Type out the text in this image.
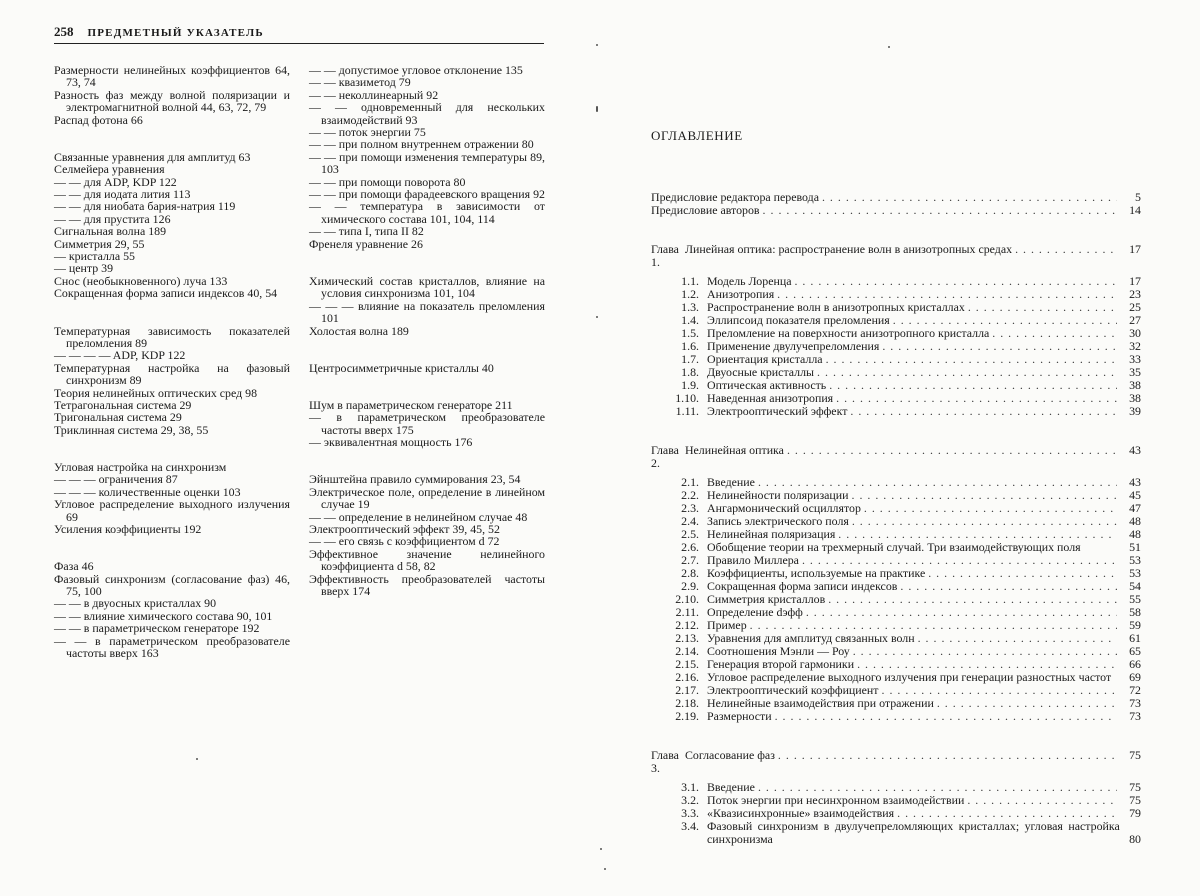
258 ПРЕДМЕТНЫЙ УКАЗАТЕЛЬ
Размерности нелинейных коэффициентов 64, 73, 74
Разность фаз между волной поляризации и электромагнитной волной 44, 63, 72, 79
Распад фотона 66
Связанные уравнения для амплитуд 63
Селмейера уравнения
— — для ADP, KDP 122
— — для иодата лития 113
— — для ниобата бария-натрия 119
— — для прустита 126
Сигнальная волна 189
Симметрия 29, 55
— кристалла 55
— центр 39
Снос (необыкновенного) луча 133
Сокращенная форма записи индексов 40, 54
Температурная зависимость показателей преломления 89
— — — — ADP, KDP 122
Температурная настройка на фазовый синхронизм 89
Теория нелинейных оптических сред 98
Тетрагональная система 29
Тригональная система 29
Триклинная система 29, 38, 55
Угловая настройка на синхронизм
— — — ограничения 87
— — — количественные оценки 103
Угловое распределение выходного излучения 69
Усиления коэффициенты 192
Фаза 46
Фазовый синхронизм (согласование фаз) 46, 75, 100
— — в двуосных кристаллах 90
— — влияние химического состава 90, 101
— — в параметрическом генераторе 192
— — в параметрическом преобразователе частоты вверх 163
— — допустимое угловое отклонение 135
— — квазиметод 79
— — неколлинеарный 92
— — одновременный для нескольких взаимодействий 93
— — поток энергии 75
— — при полном внутреннем отражении 80
— — при помощи изменения температуры 89, 103
— — при помощи поворота 80
— — при помощи фарадеевского вращения 92
— — температура в зависимости от химического состава 101, 104, 114
— — типа I, типа II 82
Френеля уравнение 26
Химический состав кристаллов, влияние на условия синхронизма 101, 104
— — — влияние на показатель преломления 101
Холостая волна 189
Центросимметричные кристаллы 40
Шум в параметрическом генераторе 211
— в параметрическом преобразователе частоты вверх 175
— эквивалентная мощность 176
Эйнштейна правило суммирования 23, 54
Электрическое поле, определение в линейном случае 19
— — определение в нелинейном случае 48
Электрооптический эффект 39, 45, 52
— — его связь с коэффициентом d 72
Эффективное значение нелинейного коэффициента d 58, 82
Эффективность преобразователей частоты вверх 174
ОГЛАВЛЕНИЕ
Предисловие редактора перевода . . .	5
Предисловие авторов . . .	14
Глава 1.
Линейная оптика: распространение волн в анизотропных средах . . .	17
1.1. Модель Лоренца . . .	17
1.2. Анизотропия . . .	23
1.3. Распространение волн в анизотропных кристаллах . . .	25
1.4. Эллипсоид показателя преломления . . .	27
1.5. Преломление на поверхности анизотропного кристалла . . .	30
1.6. Применение двулучепреломления . . .	32
1.7. Ориентация кристалла . . .	33
1.8. Двуосные кристаллы . . .	35
1.9. Оптическая активность . . .	38
1.10. Наведенная анизотропия . . .	38
1.11. Электрооптический эффект . . .	39
Глава 2.
Нелинейная оптика . . .	43
2.1. Введение . . .	43
2.2. Нелинейности поляризации . . .	45
2.3. Ангармонический осциллятор . . .	47
2.4. Запись электрического поля . . .	48
2.5. Нелинейная поляризация . . .	48
2.6. Обобщение теории на трехмерный случай. Три взаимодействующих поля	51
2.7. Правило Миллера . . .	53
2.8. Коэффициенты, используемые на практике . . .	53
2.9. Сокращенная форма записи индексов . . .	54
2.10. Симметрия кристаллов . . .	55
2.11. Определение dэфф . . .	58
2.12. Пример . . .	59
2.13. Уравнения для амплитуд связанных волн . . .	61
2.14. Соотношения Мэнли — Роу . . .	65
2.15. Генерация второй гармоники . . .	66
2.16. Угловое распределение выходного излучения при генерации разностных частот	69
2.17. Электрооптический коэффициент . . .	72
2.18. Нелинейные взаимодействия при отражении . . .	73
2.19. Размерности . . .	73
Глава 3.
Согласование фаз . . .	75
3.1. Введение . . .	75
3.2. Поток энергии при несинхронном взаимодействии . . .	75
3.3. «Квазисинхронные» взаимодействия . . .	79
3.4. Фазовый синхронизм в двулучепреломляющих кристаллах; угловая настройка синхронизма	80
